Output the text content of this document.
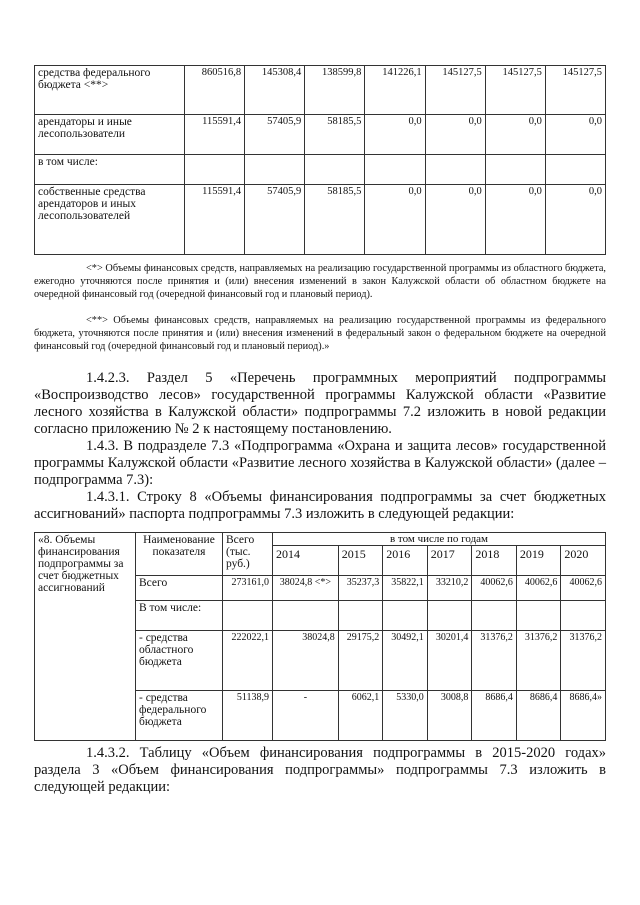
средства федерального бюджета <**>	860516,8	145308,4	138599,8	141226,1	145127,5	145127,5	145127,5
арендаторы и иные лесопользователи	115591,4	57405,9	58185,5	0,0	0,0	0,0	0,0
в том числе:							
собственные средства арендаторов и иных лесопользователей	115591,4	57405,9	58185,5	0,0	0,0	0,0	0,0
<*> Объемы финансовых средств, направляемых на реализацию государственной программы из областного бюджета, ежегодно уточняются после принятия и (или) внесения изменений в закон Калужской области об областном бюджете на очередной финансовый год (очередной финансовый год и плановый период).
<**> Объемы финансовых средств, направляемых на реализацию государственной программы из федерального бюджета, уточняются после принятия и (или) внесения изменений в федеральный закон о федеральном бюджете на очередной финансовый год (очередной финансовый год и плановый период).»
1.4.2.3. Раздел 5 «Перечень программных мероприятий подпрограммы «Воспроизводство лесов» государственной программы Калужской области «Развитие лесного хозяйства в Калужской области» подпрограммы 7.2 изложить в новой редакции согласно приложению № 2 к настоящему постановлению.
1.4.3. В подразделе 7.3 «Подпрограмма «Охрана и защита лесов» государственной программы Калужской области «Развитие лесного хозяйства в Калужской области» (далее – подпрограмма 7.3):
1.4.3.1. Строку 8 «Объемы финансирования подпрограммы за счет бюджетных ассигнований» паспорта подпрограммы 7.3 изложить в следующей редакции:
«8. Объемы финансирования подпрограммы за счет бюджетных ассигнований	Наименование показателя	Всего (тыс. руб.)	в том числе по годам						
			2014	2015	2016	2017	2018	2019	2020
	Всего	273161,0	38024,8 <*>	35237,3	35822,1	33210,2	40062,6	40062,6	40062,6
	В том числе:								
	- средства областного бюджета	222022,1	38024,8	29175,2	30492,1	30201,4	31376,2	31376,2	31376,2
	- средства федерального бюджета	51138,9	-	6062,1	5330,0	3008,8	8686,4	8686,4	8686,4»
1.4.3.2. Таблицу «Объем финансирования подпрограммы в 2015-2020 годах» раздела 3 «Объем финансирования подпрограммы» подпрограммы 7.3 изложить в следующей редакции:
